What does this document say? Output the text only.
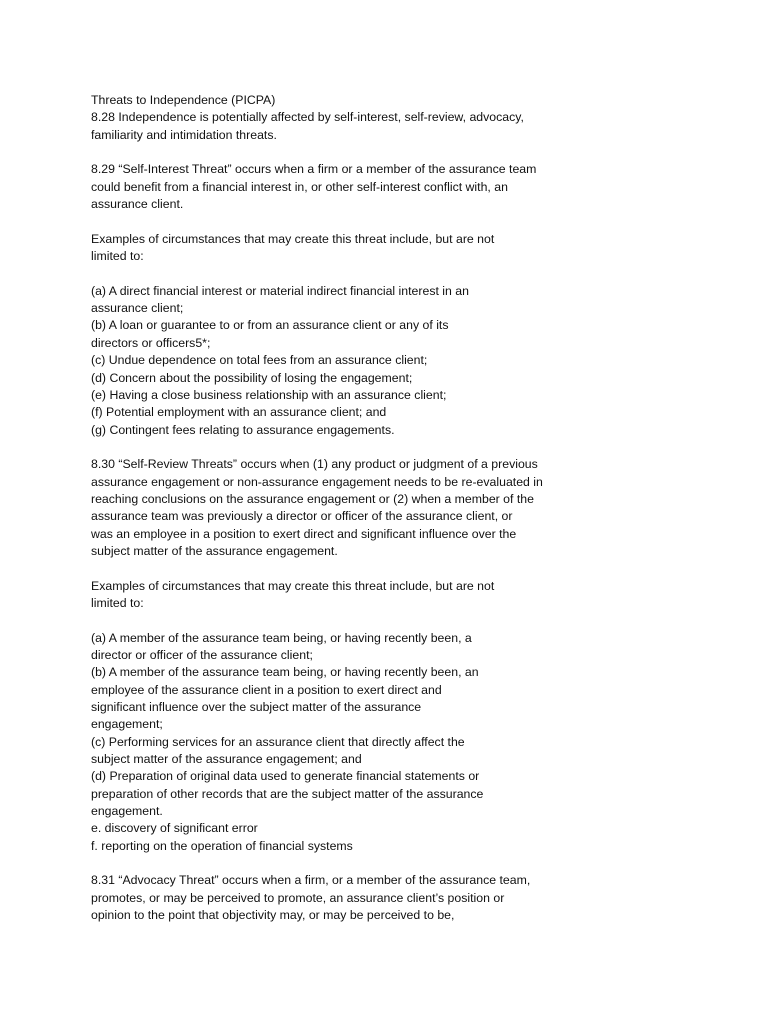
Threats to Independence (PICPA)
8.28 Independence is potentially affected by self-interest, self-review, advocacy,
familiarity and intimidation threats.
8.29 “Self-Interest Threat” occurs when a firm or a member of the assurance team
could benefit from a financial interest in, or other self-interest conflict with, an
assurance client.
Examples of circumstances that may create this threat include, but are not
limited to:
(a) A direct financial interest or material indirect financial interest in an
assurance client;
(b) A loan or guarantee to or from an assurance client or any of its
directors or officers5*;
(c) Undue dependence on total fees from an assurance client;
(d) Concern about the possibility of losing the engagement;
(e) Having a close business relationship with an assurance client;
(f) Potential employment with an assurance client; and
(g) Contingent fees relating to assurance engagements.
8.30 “Self-Review Threats” occurs when (1) any product or judgment of a previous
assurance engagement or non-assurance engagement needs to be re-evaluated in
reaching conclusions on the assurance engagement or (2) when a member of the
assurance team was previously a director or officer of the assurance client, or
was an employee in a position to exert direct and significant influence over the
subject matter of the assurance engagement.
Examples of circumstances that may create this threat include, but are not
limited to:
(a) A member of the assurance team being, or having recently been, a
director or officer of the assurance client;
(b) A member of the assurance team being, or having recently been, an
employee of the assurance client in a position to exert direct and
significant influence over the subject matter of the assurance
engagement;
(c) Performing services for an assurance client that directly affect the
subject matter of the assurance engagement; and
(d) Preparation of original data used to generate financial statements or
preparation of other records that are the subject matter of the assurance
engagement.
e. discovery of significant error
f. reporting on the operation of financial systems
8.31 “Advocacy Threat” occurs when a firm, or a member of the assurance team,
promotes, or may be perceived to promote, an assurance client’s position or
opinion to the point that objectivity may, or may be perceived to be,
